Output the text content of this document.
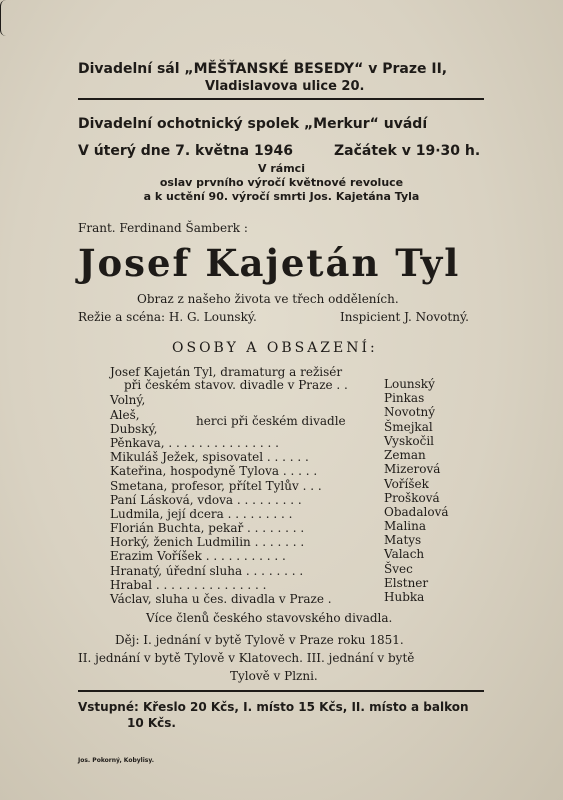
Divadelní sál „MĚŠŤANSKÉ BESEDY“ v Praze II,
Vladislavova ulice 20.
Divadelní ochotnický spolek „Merkur“ uvádí
V úterý dne 7. května 1946	Začátek v 19·30 h.
V rámci
oslav prvního výročí květnové revoluce
a k uctění 90. výročí smrti Jos. Kajetána Tyla
Frant. Ferdinand Šamberk :
Josef Kajetán Tyl
Obraz z našeho života ve třech odděleních.
Režie a scéna: H. G. Lounský.	Inspicient J. Novotný.
OSOBY A OBSAZENÍ:
Josef Kajetán Tyl, dramaturg a režisér
při českém stavov. divadle v Praze . .
Volný,
Aleš,
Dubský,
Pěnkava, . . . . . . . . . . . . . . .
Mikuláš Ježek, spisovatel . . . . . .
Kateřina, hospodyně Tylova . . . . .
Smetana, profesor, přítel Tylův . . .
Paní Lásková, vdova . . . . . . . . .
Ludmila, její dcera . . . . . . . . .
Florián Buchta, pekař . . . . . . . .
Horký, ženich Ludmilin . . . . . . .
Erazim Voříšek . . . . . . . . . . .
Hranatý, úřední sluha . . . . . . . .
Hrabal . . . . . . . . . . . . . . .
Václav, sluha u čes. divadla v Praze .
herci při českém divadle
Lounský
Pinkas
Novotný
Šmejkal
Vyskočil
Zeman
Mizerová
Voříšek
Prošková
Obadalová
Malina
Matys
Valach
Švec
Elstner
Hubka
Více členů českého stavovského divadla.
Děj: I. jednání v bytě Tylově v Praze roku 1851.
II. jednání v bytě Tylově v Klatovech. III. jednání v bytě
Tylově v Plzni.
Vstupné: Křeslo 20 Kčs, I. místo 15 Kčs, II. místo a balkon
10 Kčs.
Jos. Pokorný, Kobylisy.
